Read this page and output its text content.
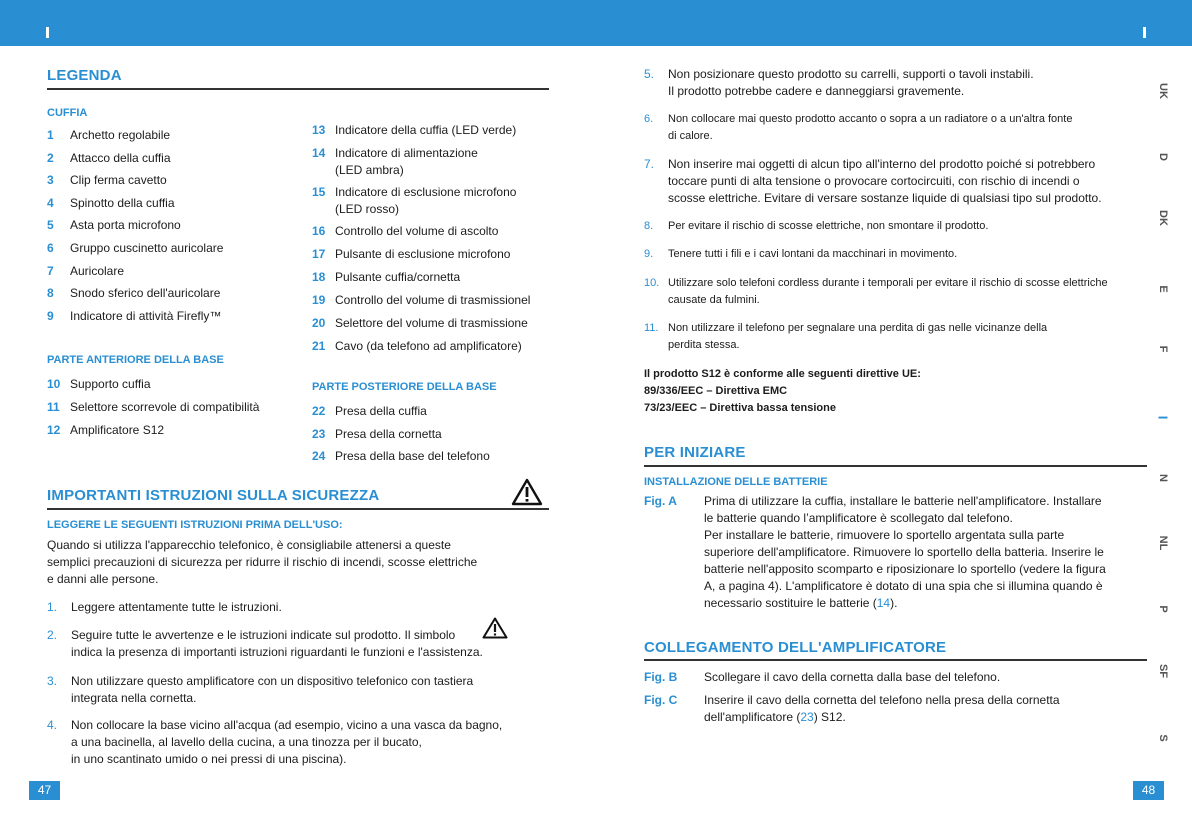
LEGENDA
CUFFIA
1 Archetto regolabile
2 Attacco della cuffia
3 Clip ferma cavetto
4 Spinotto della cuffia
5 Asta porta microfono
6 Gruppo cuscinetto auricolare
7 Auricolare
8 Snodo sferico dell'auricolare
9 Indicatore di attività Firefly™
PARTE ANTERIORE DELLA BASE
10 Supporto cuffia
11 Selettore scorrevole di compatibilità
12 Amplificatore S12
13 Indicatore della cuffia (LED verde)
14 Indicatore di alimentazione
(LED ambra)
15 Indicatore di esclusione microfono
(LED rosso)
16 Controllo del volume di ascolto
17 Pulsante di esclusione microfono
18 Pulsante cuffia/cornetta
19 Controllo del volume di trasmissionel
20 Selettore del volume di trasmissione
21 Cavo (da telefono ad amplificatore)
PARTE POSTERIORE DELLA BASE
22 Presa della cuffia
23 Presa della cornetta
24 Presa della base del telefono
IMPORTANTI ISTRUZIONI SULLA SICUREZZA
LEGGERE LE SEGUENTI ISTRUZIONI PRIMA DELL'USO:
Quando si utilizza l'apparecchio telefonico, è consigliabile attenersi a queste
semplici precauzioni di sicurezza per ridurre il rischio di incendi, scosse elettriche
e danni alle persone.
1. Leggere attentamente tutte le istruzioni.
2. Seguire tutte le avvertenze e le istruzioni indicate sul prodotto. Il simbolo
indica la presenza di importanti istruzioni riguardanti le funzioni e l'assistenza.
3. Non utilizzare questo amplificatore con un dispositivo telefonico con tastiera
integrata nella cornetta.
4. Non collocare la base vicino all'acqua (ad esempio, vicino a una vasca da bagno,
a una bacinella, al lavello della cucina, a una tinozza per il bucato,
in uno scantinato umido o nei pressi di una piscina).
5. Non posizionare questo prodotto su carrelli, supporti o tavoli instabili.
Il prodotto potrebbe cadere e danneggiarsi gravemente.
6. Non collocare mai questo prodotto accanto o sopra a un radiatore o a un'altra fonte
di calore.
7. Non inserire mai oggetti di alcun tipo all'interno del prodotto poiché si potrebbero
toccare punti di alta tensione o provocare cortocircuiti, con rischio di incendi o
scosse elettriche. Evitare di versare sostanze liquide di qualsiasi tipo sul prodotto.
8. Per evitare il rischio di scosse elettriche, non smontare il prodotto.
9. Tenere tutti i fili e i cavi lontani da macchinari in movimento.
10. Utilizzare solo telefoni cordless durante i temporali per evitare il rischio di scosse elettriche
causate da fulmini.
11. Non utilizzare il telefono per segnalare una perdita di gas nelle vicinanze della
perdita stessa.
Il prodotto S12 è conforme alle seguenti direttive UE:
89/336/EEC – Direttiva EMC
73/23/EEC – Direttiva bassa tensione
PER INIZIARE
INSTALLAZIONE DELLE BATTERIE
Fig. A Prima di utilizzare la cuffia, installare le batterie nell'amplificatore. Installare
le batterie quando l’amplificatore è scollegato dal telefono.
Per installare le batterie, rimuovere lo sportello argentata sulla parte
superiore dell'amplificatore. Rimuovere lo sportello della batteria. Inserire le
batterie nell'apposito scomparto e riposizionare lo sportello (vedere la figura
A, a pagina 4). L'amplificatore è dotato di una spia che si illumina quando è
necessario sostituire le batterie (14).
COLLEGAMENTO DELL'AMPLIFICATORE
Fig. B Scollegare il cavo della cornetta dalla base del telefono.
Fig. C Inserire il cavo della cornetta del telefono nella presa della cornetta
dell'amplificatore (23) S12.
UK
D
DK
E
F
I
N
NL
P
SF
S
47	48
